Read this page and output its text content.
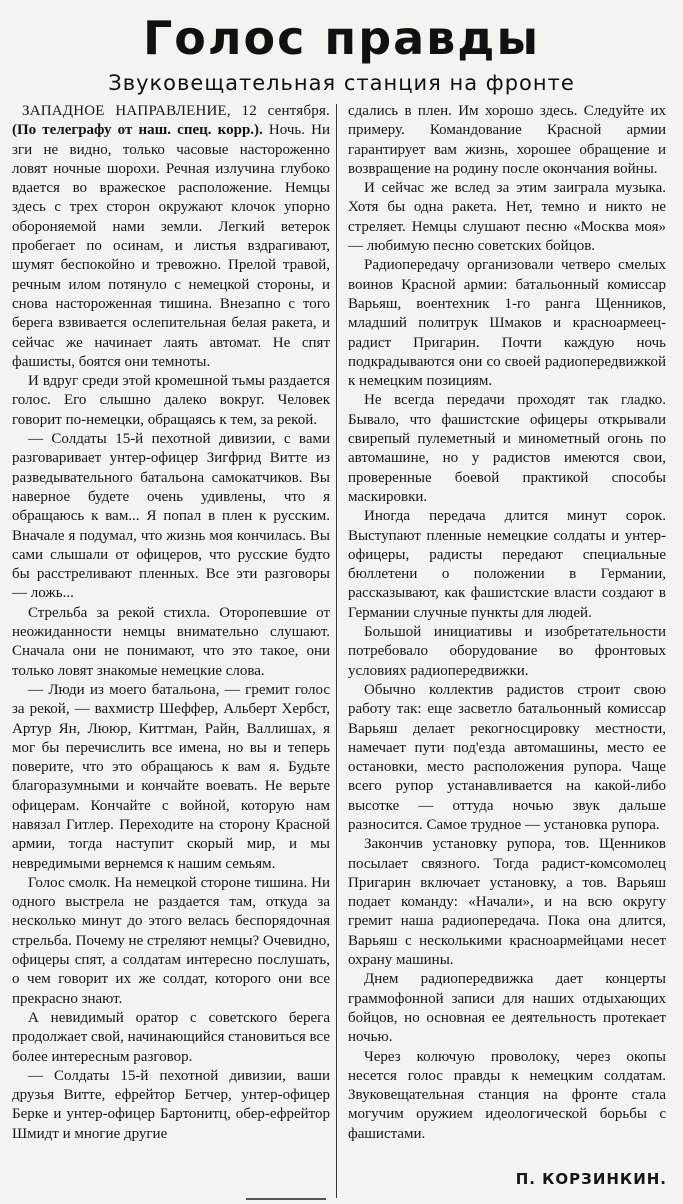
Голос правды
Звуковещательная станция на фронте

ЗАПАДНОЕ НАПРАВЛЕНИЕ, 12 сентября. (По телеграфу от наш. спец. корр.). Ночь. Ни зги не видно, только часовые настороженно ловят ночные шорохи. Речная излучина глубоко вдается во вражеское расположение. Немцы здесь с трех сторон окружают клочок упорно обороняемой нами земли. Легкий ветерок пробегает по осинам, и листья вздрагивают, шумят беспокойно и тревожно. Прелой травой, речным илом потянуло с немецкой стороны, и снова настороженная тишина. Внезапно с того берега взвивается ослепительная белая ракета, и сейчас же начинает лаять автомат. Не спят фашисты, боятся они темноты.

И вдруг среди этой кромешной тьмы раздается голос. Его слышно далеко вокруг. Человек говорит по-немецки, обращаясь к тем, за рекой.

— Солдаты 15-й пехотной дивизии, с вами разговаривает унтер-офицер Зигфрид Витте из разведывательного батальона самокатчиков. Вы наверное будете очень удивлены, что я обращаюсь к вам... Я попал в плен к русским. Вначале я подумал, что жизнь моя кончилась. Вы сами слышали от офицеров, что русские будто бы расстреливают пленных. Все эти разговоры — ложь...

Стрельба за рекой стихла. Оторопевшие от неожиданности немцы внимательно слушают. Сначала они не понимают, что это такое, они только ловят знакомые немецкие слова.

— Люди из моего батальона, — гремит голос за рекой, — вахмистр Шеффер, Альберт Хербст, Артур Ян, Лююр, Киттман, Райн, Валлишах, я мог бы перечислить все имена, но вы и теперь поверите, что это обращаюсь к вам я. Будьте благоразумными и кончайте воевать. Не верьте офицерам. Кончайте с войной, которую нам навязал Гитлер. Переходите на сторону Красной армии, тогда наступит скорый мир, и мы невредимыми вернемся к нашим семьям.

Голос смолк. На немецкой стороне тишина. Ни одного выстрела не раздается там, откуда за несколько минут до этого велась беспорядочная стрельба. Почему не стреляют немцы? Очевидно, офицеры спят, а солдатам интересно послушать, о чем говорит их же солдат, которого они все прекрасно знают.

А невидимый оратор с советского берега продолжает свой, начинающийся становиться все более интересным разговор.

— Солдаты 15-й пехотной дивизии, ваши друзья Витте, ефрейтор Бетчер, унтер-офицер Берке и унтер-офицер Бартонитц, обер-ефрейтор Шмидт и многие другие

сдались в плен. Им хорошо здесь. Следуйте их примеру. Командование Красной армии гарантирует вам жизнь, хорошее обращение и возвращение на родину после окончания войны.

И сейчас же вслед за этим заиграла музыка. Хотя бы одна ракета. Нет, темно и никто не стреляет. Немцы слушают песню «Москва моя» — любимую песню советских бойцов.

Радиопередачу организовали четверо смелых воинов Красной армии: батальонный комиссар Варьяш, воентехник 1-го ранга Щенников, младший политрук Шмаков и красноармеец-радист Пригарин. Почти каждую ночь подкрадываются они со своей радиопередвижкой к немецким позициям.

Не всегда передачи проходят так гладко. Бывало, что фашистские офицеры открывали свирепый пулеметный и минометный огонь по автомашине, но у радистов имеются свои, проверенные боевой практикой способы маскировки.

Иногда передача длится минут сорок. Выступают пленные немецкие солдаты и унтер-офицеры, радисты передают специальные бюллетени о положении в Германии, рассказывают, как фашистские власти создают в Германии случные пункты для людей.

Большой инициативы и изобретательности потребовало оборудование во фронтовых условиях радиопередвижки.

Обычно коллектив радистов строит свою работу так: еще засветло батальонный комиссар Варьяш делает рекогносцировку местности, намечает пути под'езда автомашины, место ее остановки, место расположения рупора. Чаще всего рупор устанавливается на какой-либо высотке — оттуда ночью звук дальше разносится. Самое трудное — установка рупора.

Закончив установку рупора, тов. Щенников посылает связного. Тогда радист-комсомолец Пригарин включает установку, а тов. Варьяш подает команду: «Начали», и на всю округу гремит наша радиопередача. Пока она длится, Варьяш с несколькими красноармейцами несет охрану машины.

Днем радиопередвижка дает концерты граммофонной записи для наших отдыхающих бойцов, но основная ее деятельность протекает ночью.

Через колючую проволоку, через окопы несется голос правды к немецким солдатам. Звуковещательная станция на фронте стала могучим оружием идеологической борьбы с фашистами.

П. КОРЗИНКИН.
